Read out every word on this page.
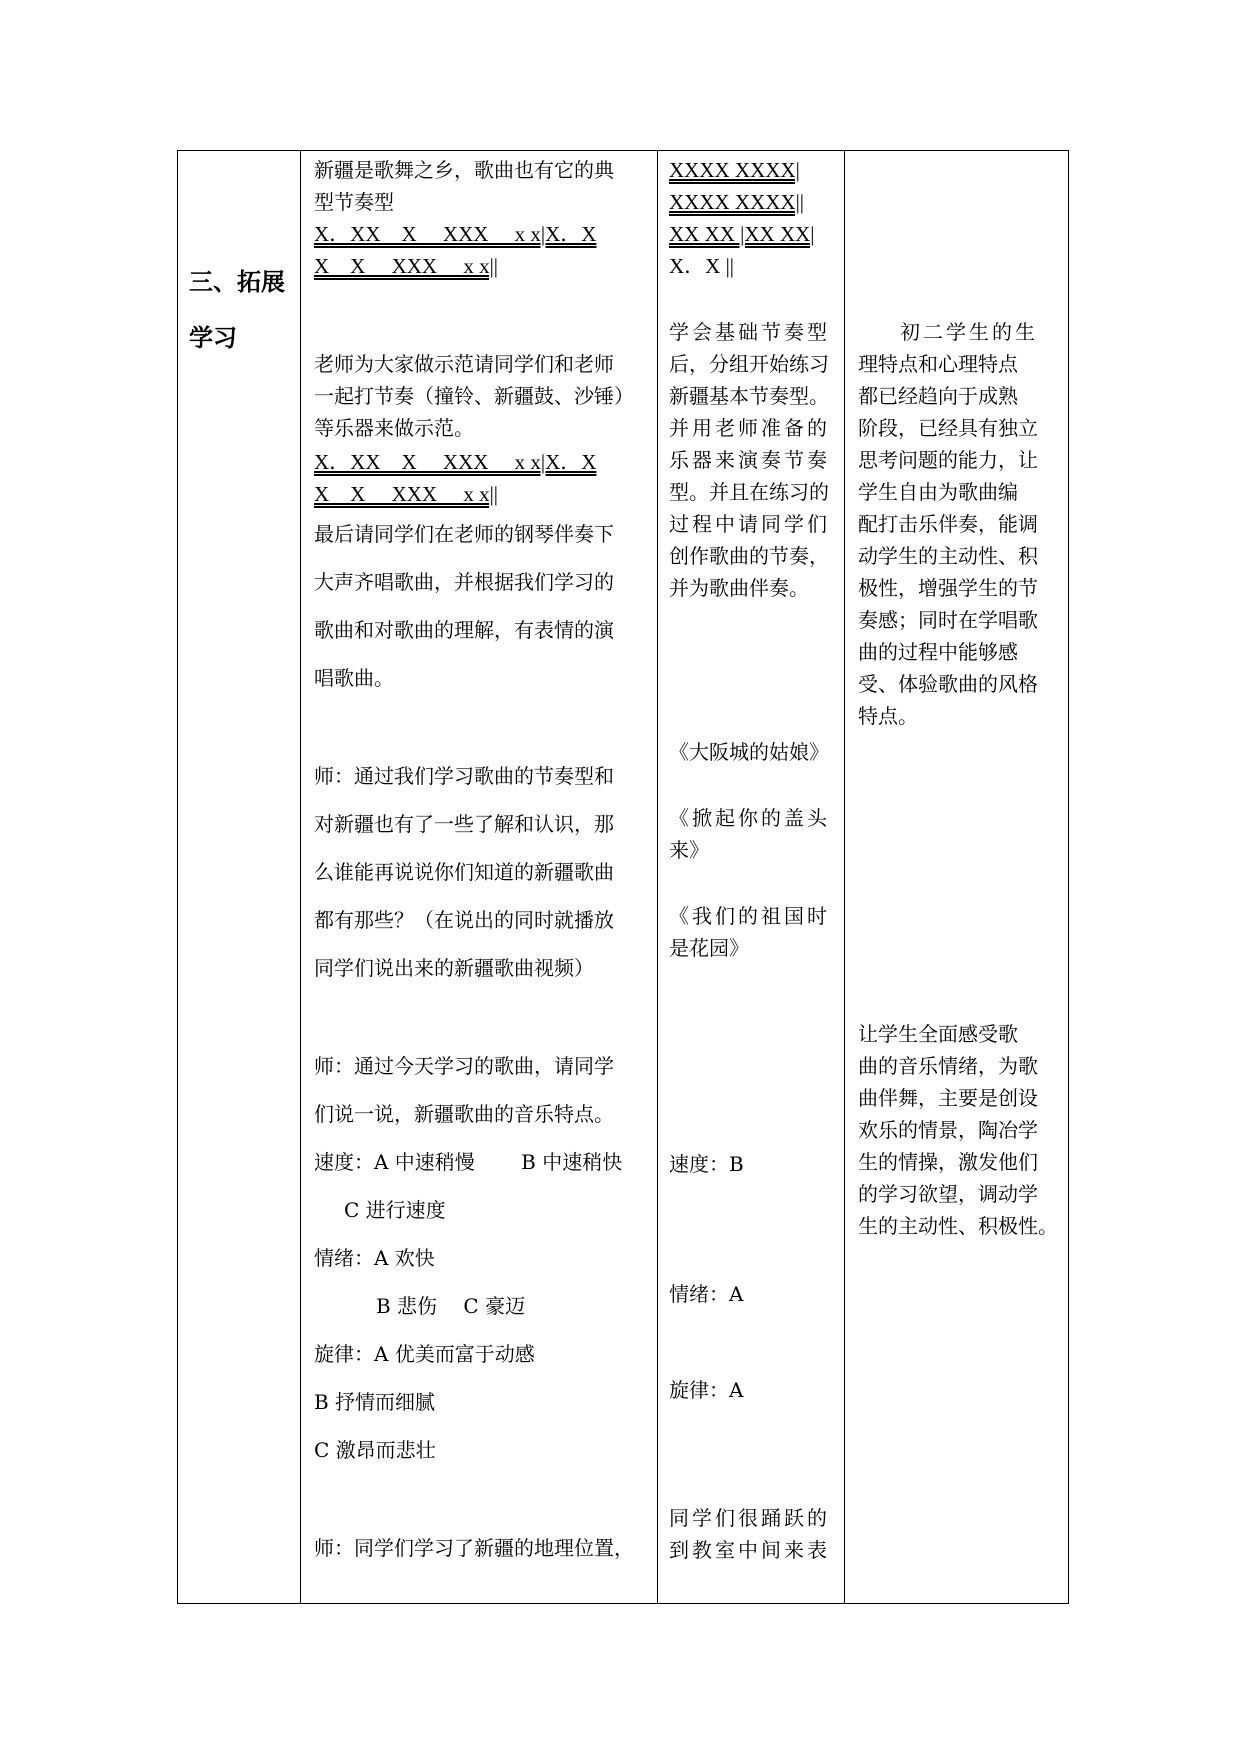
三、拓展
学习
新疆是歌舞之乡，歌曲也有它的典
型节奏型
X．XX　X　 XXX　 x x|X．X
X　X　 XXX　 x x||
老师为大家做示范请同学们和老师
一起打节奏（撞铃、新疆鼓、沙锤）
等乐器来做示范。
X．XX　X　 XXX　 x x|X．X
X　X　 XXX　 x x||
最后请同学们在老师的钢琴伴奏下
大声齐唱歌曲，并根据我们学习的
歌曲和对歌曲的理解，有表情的演
唱歌曲。
师：通过我们学习歌曲的节奏型和
对新疆也有了一些了解和认识，那
么谁能再说说你们知道的新疆歌曲
都有那些？（在说出的同时就播放
同学们说出来的新疆歌曲视频）
师：通过今天学习的歌曲，请同学
们说一说，新疆歌曲的音乐特点。
速度：A 中速稍慢　　 B 中速稍快
C 进行速度
情绪：A 欢快
B 悲伤　 C 豪迈
旋律：A 优美而富于动感
B 抒情而细腻
C 激昂而悲壮
师：同学们学习了新疆的地理位置，
XXXX XXXX|
XXXX XXXX||
XX XX |XX XX|
X．X ||
学会基础节奏型
后，分组开始练习
新疆基本节奏型。
并用老师准备的
乐器来演奏节奏
型。并且在练习的
过程中请同学们
创作歌曲的节奏，
并为歌曲伴奏。
《大阪城的姑娘》
《掀起你的盖头
来》
《我们的祖国时
是花园》
速度：B
情绪：A
旋律：A
同学们很踊跃的
到教室中间来表
初二学生的生
理特点和心理特点
都已经趋向于成熟
阶段，已经具有独立
思考问题的能力，让
学生自由为歌曲编
配打击乐伴奏，能调
动学生的主动性、积
极性，增强学生的节
奏感；同时在学唱歌
曲的过程中能够感
受、体验歌曲的风格
特点。
让学生全面感受歌
曲的音乐情绪，为歌
曲伴舞，主要是创设
欢乐的情景，陶冶学
生的情操，激发他们
的学习欲望，调动学
生的主动性、积极性。
